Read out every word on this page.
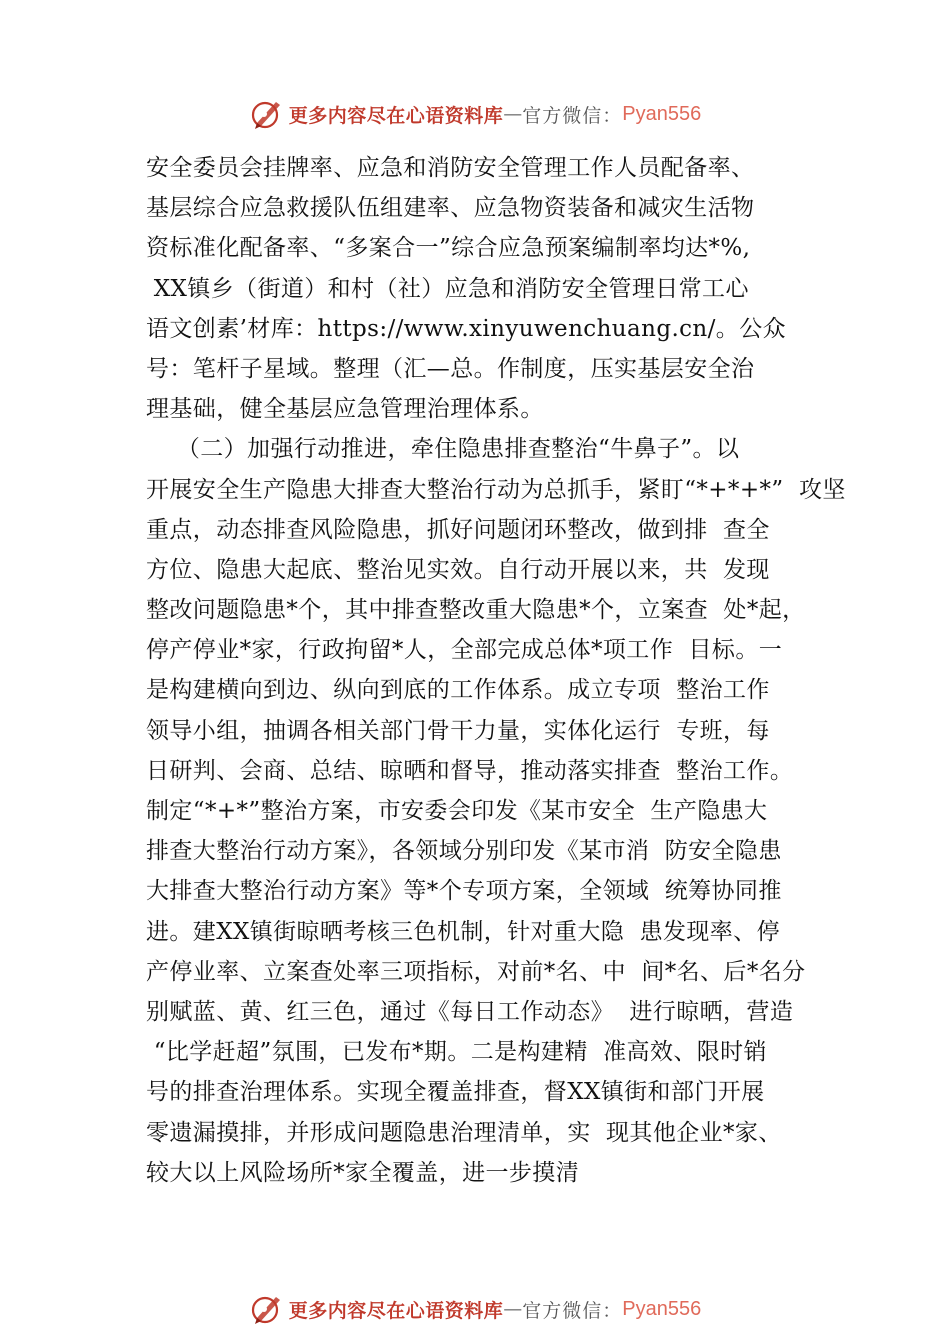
更多内容尽在心语资料库 — 官方微信： Pyan556
安全委员会挂牌率、应急和消防安全管理工作人员配备率、
基层综合应急救援队伍组建率、应急物资装备和减灾生活物
资标准化配备率、“多案合一”综合应急预案编制率均达*%,
XX镇乡（街道）和村（社）应急和消防安全管理日常工心
语文创素’材库：https://www.xinyuwenchuang.cn/。公众
号：笔杆子星域。整理（汇—总。作制度，压实基层安全治
理基础，健全基层应急管理治理体系。
（二）加强行动推进，牵住隐患排查整治“牛鼻子”。以
开展安全生产隐患大排查大整治行动为总抓手，紧盯“*+*+*”  攻坚
重点，动态排查风险隐患，抓好问题闭环整改，做到排  查全
方位、隐患大起底、整治见实效。自行动开展以来，共  发现
整改问题隐患*个，其中排查整改重大隐患*个，立案查  处*起，
停产停业*家，行政拘留*人，全部完成总体*项工作  目标。一
是构建横向到边、纵向到底的工作体系。成立专项  整治工作
领导小组，抽调各相关部门骨干力量，实体化运行  专班，每
日研判、会商、总结、晾晒和督导，推动落实排查  整治工作。
制定“*+*”整治方案，市安委会印发《某市安全  生产隐患大
排查大整治行动方案》，各领域分别印发《某市消  防安全隐患
大排查大整治行动方案》等*个专项方案，全领域  统筹协同推
进。建XX镇街晾晒考核三色机制，针对重大隐  患发现率、停
产停业率、立案查处率三项指标，对前*名、中  间*名、后*名分
别赋蓝、黄、红三色，通过《每日工作动态》  进行晾晒，营造
“比学赶超”氛围，已发布*期。二是构建精  准高效、限时销
号的排查治理体系。实现全覆盖排查，督XX镇街和部门开展
零遗漏摸排，并形成问题隐患治理清单，实  现其他企业*家、
较大以上风险场所*家全覆盖，进一步摸清
更多内容尽在心语资料库 — 官方微信： Pyan556
